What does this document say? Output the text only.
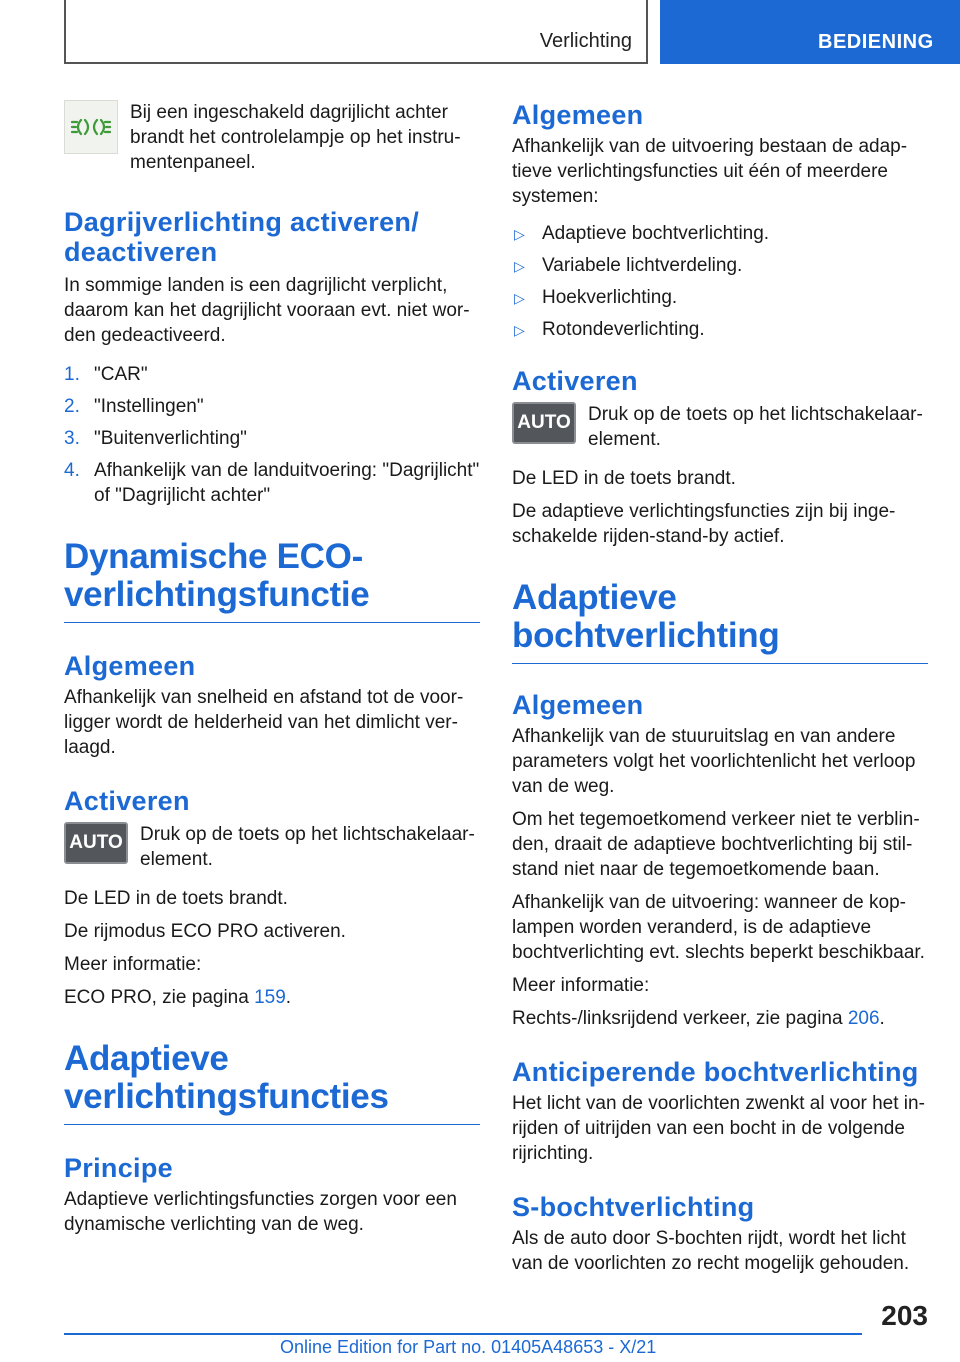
Verlichting	BEDIENING

Bij een ingeschakeld dagrijlicht achter brandt het controlelampje op het instrumentenpaneel.

Dagrijverlichting activeren/ deactiveren

In sommige landen is een dagrijlicht verplicht, daarom kan het dagrijlicht vooraan evt. niet worden gedeactiveerd.

1. "CAR"
2. "Instellingen"
3. "Buitenverlichting"
4. Afhankelijk van de landuitvoering: "Dagrijlicht" of "Dagrijlicht achter"
Dynamische ECO-verlichtingsfunctie
Algemeen

Afhankelijk van snelheid en afstand tot de voorligger wordt de helderheid van het dimlicht verlaagd.

Activeren
AUTO Druk op de toets op het lichtschakelaarelement.

De LED in de toets brandt.

De rijmodus ECO PRO activeren.

Meer informatie:

ECO PRO, zie pagina 159.

Adaptieve verlichtingsfuncties
Principe

Adaptieve verlichtingsfuncties zorgen voor een dynamische verlichting van de weg.

Algemeen

Afhankelijk van de uitvoering bestaan de adaptieve verlichtingsfuncties uit één of meerdere systemen:

▷ Adaptieve bochtverlichting.
▷ Variabele lichtverdeling.
▷ Hoekverlichting.
▷ Rotondeverlichting.
Activeren
AUTO Druk op de toets op het lichtschakelaarelement.

De LED in de toets brandt.

De adaptieve verlichtingsfuncties zijn bij ingeschakelde rijden-stand-by actief.

Adaptieve bochtverlichting
Algemeen

Afhankelijk van de stuuruitslag en van andere parameters volgt het voorlichtenlicht het verloop van de weg.

Om het tegemoetkomend verkeer niet te verblinden, draait de adaptieve bochtverlichting bij stilstand niet naar de tegemoetkomende baan.

Afhankelijk van de uitvoering: wanneer de koplampen worden veranderd, is de adaptieve bochtverlichting evt. slechts beperkt beschikbaar.

Meer informatie:

Rechts-/linksrijdend verkeer, zie pagina 206.

Anticiperende bochtverlichting

Het licht van de voorlichten zwenkt al voor het inrijden of uitrijden van een bocht in de volgende rijrichting.

S-bochtverlichting

Als de auto door S-bochten rijdt, wordt het licht van de voorlichten zo recht mogelijk gehouden.

203
Online Edition for Part no. 01405A48653 - X/21
